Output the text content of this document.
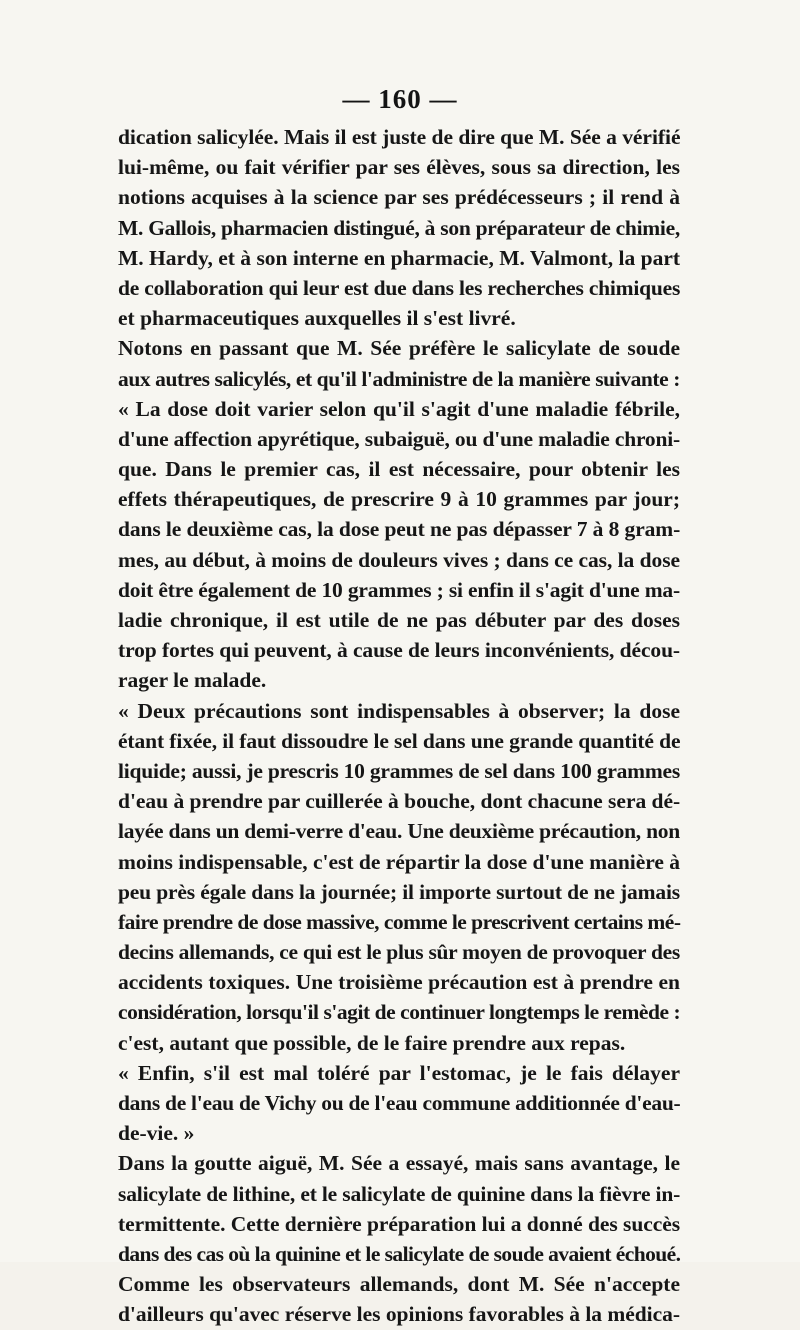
— 160 —
dication salicylée. Mais il est juste de dire que M. Sée a vérifié
lui-même, ou fait vérifier par ses élèves, sous sa direction, les
notions acquises à la science par ses prédécesseurs ; il rend à
M. Gallois, pharmacien distingué, à son préparateur de chimie,
M. Hardy, et à son interne en pharmacie, M. Valmont, la part
de collaboration qui leur est due dans les recherches chimiques
et pharmaceutiques auxquelles il s'est livré.
Notons en passant que M. Sée préfère le salicylate de soude
aux autres salicylés, et qu'il l'administre de la manière suivante :
« La dose doit varier selon qu'il s'agit d'une maladie fébrile,
d'une affection apyrétique, subaiguë, ou d'une maladie chroni-
que. Dans le premier cas, il est nécessaire, pour obtenir les
effets thérapeutiques, de prescrire 9 à 10 grammes par jour;
dans le deuxième cas, la dose peut ne pas dépasser 7 à 8 gram-
mes, au début, à moins de douleurs vives ; dans ce cas, la dose
doit être également de 10 grammes ; si enfin il s'agit d'une ma-
ladie chronique, il est utile de ne pas débuter par des doses
trop fortes qui peuvent, à cause de leurs inconvénients, décou-
rager le malade.
« Deux précautions sont indispensables à observer; la dose
étant fixée, il faut dissoudre le sel dans une grande quantité de
liquide; aussi, je prescris 10 grammes de sel dans 100 grammes
d'eau à prendre par cuillerée à bouche, dont chacune sera dé-
layée dans un demi-verre d'eau. Une deuxième précaution, non
moins indispensable, c'est de répartir la dose d'une manière à
peu près égale dans la journée; il importe surtout de ne jamais
faire prendre de dose massive, comme le prescrivent certains mé-
decins allemands, ce qui est le plus sûr moyen de provoquer des
accidents toxiques. Une troisième précaution est à prendre en
considération, lorsqu'il s'agit de continuer longtemps le remède :
c'est, autant que possible, de le faire prendre aux repas.
« Enfin, s'il est mal toléré par l'estomac, je le fais délayer
dans de l'eau de Vichy ou de l'eau commune additionnée d'eau-
de-vie. »
Dans la goutte aiguë, M. Sée a essayé, mais sans avantage, le
salicylate de lithine, et le salicylate de quinine dans la fièvre in-
termittente. Cette dernière préparation lui a donné des succès
dans des cas où la quinine et le salicylate de soude avaient échoué.
Comme les observateurs allemands, dont M. Sée n'accepte
d'ailleurs qu'avec réserve les opinions favorables à la médica-
